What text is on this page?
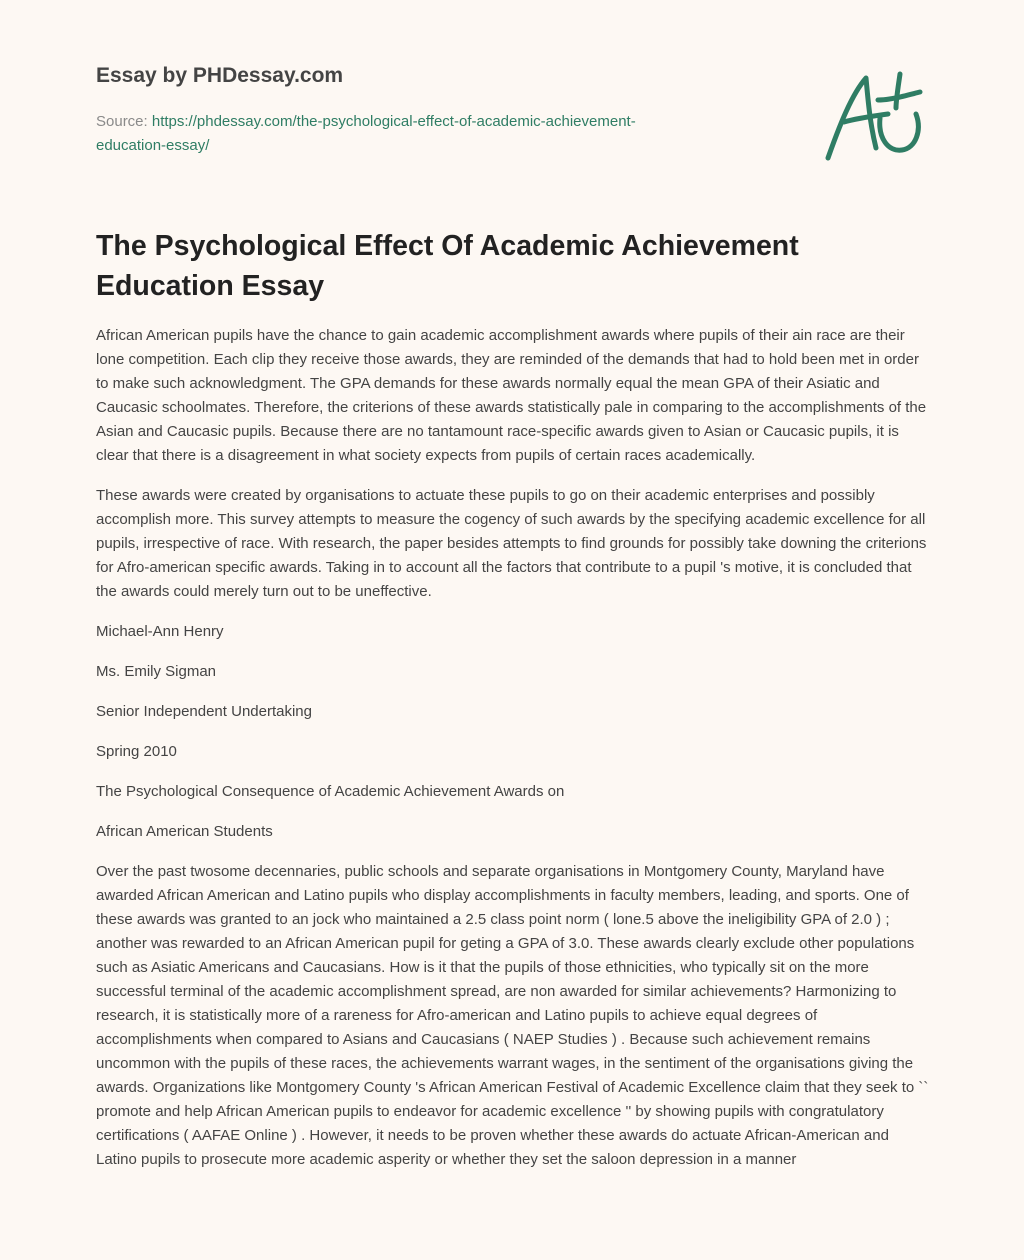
Essay by PHDessay.com
Source: https://phdessay.com/the-psychological-effect-of-academic-achievement-
education-essay/
The Psychological Effect Of Academic Achievement Education Essay

African American pupils have the chance to gain academic accomplishment awards where pupils of their ain race are their lone competition. Each clip they receive those awards, they are reminded of the demands that had to hold been met in order to make such acknowledgment. The GPA demands for these awards normally equal the mean GPA of their Asiatic and Caucasic schoolmates. Therefore, the criterions of these awards statistically pale in comparing to the accomplishments of the Asian and Caucasic pupils. Because there are no tantamount race-specific awards given to Asian or Caucasic pupils, it is clear that there is a disagreement in what society expects from pupils of certain races academically.

These awards were created by organisations to actuate these pupils to go on their academic enterprises and possibly accomplish more. This survey attempts to measure the cogency of such awards by the specifying academic excellence for all pupils, irrespective of race. With research, the paper besides attempts to find grounds for possibly take downing the criterions for Afro-american specific awards. Taking in to account all the factors that contribute to a pupil 's motive, it is concluded that the awards could merely turn out to be uneffective.

Michael-Ann Henry

Ms. Emily Sigman

Senior Independent Undertaking

Spring 2010

The Psychological Consequence of Academic Achievement Awards on

African American Students

Over the past twosome decennaries, public schools and separate organisations in Montgomery County, Maryland have awarded African American and Latino pupils who display accomplishments in faculty members, leading, and sports. One of these awards was granted to an jock who maintained a 2.5 class point norm ( lone.5 above the ineligibility GPA of 2.0 ) ; another was rewarded to an African American pupil for geting a GPA of 3.0. These awards clearly exclude other populations such as Asiatic Americans and Caucasians. How is it that the pupils of those ethnicities, who typically sit on the more successful terminal of the academic accomplishment spread, are non awarded for similar achievements? Harmonizing to research, it is statistically more of a rareness for Afro-american and Latino pupils to achieve equal degrees of accomplishments when compared to Asians and Caucasians ( NAEP Studies ) . Because such achievement remains uncommon with the pupils of these races, the achievements warrant wages, in the sentiment of the organisations giving the awards. Organizations like Montgomery County 's African American Festival of Academic Excellence claim that they seek to `` promote and help African American pupils to endeavor for academic excellence '' by showing pupils with congratulatory certifications ( AAFAE Online ) . However, it needs to be proven whether these awards do actuate African-American and Latino pupils to prosecute more academic asperity or whether they set the saloon depression in a manner
